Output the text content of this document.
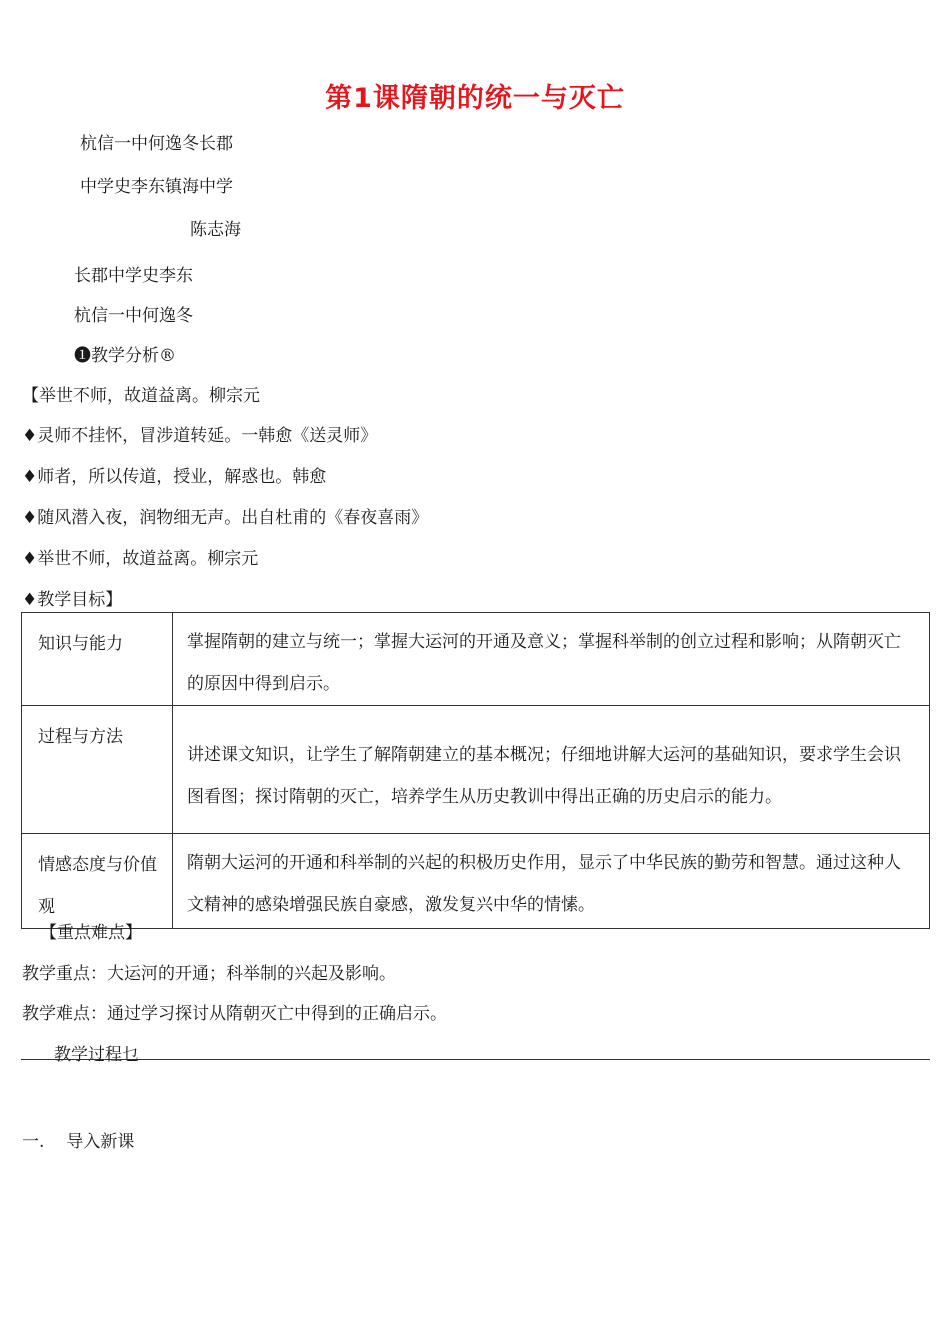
第1课隋朝的统一与灭亡
杭信一中何逸冬长郡
中学史李东镇海中学
陈志海
长郡中学史李东
杭信一中何逸冬
❶教学分析®
【举世不师，故道益离。柳宗元
♦灵师不挂怀，冒涉道转延。一韩愈《送灵师》
♦师者，所以传道，授业，解惑也。韩愈
♦随风潜入夜，润物细无声。出自杜甫的《春夜喜雨》
♦举世不师，故道益离。柳宗元
♦教学目标】
知识与能力	掌握隋朝的建立与统一；掌握大运河的开通及意义；掌握科举制的创立过程和影响；从隋朝灭亡的原因中得到启示。
过程与方法	讲述课文知识，让学生了解隋朝建立的基本概况；仔细地讲解大运河的基础知识，要求学生会识图看图；探讨隋朝的灭亡，培养学生从历史教训中得出正确的历史启示的能力。
情感态度与价值观	隋朝大运河的开通和科举制的兴起的积极历史作用，显示了中华民族的勤劳和智慧。通过这种人文精神的感染增强民族自豪感，激发复兴中华的情愫。
【重点难点】
教学重点：大运河的开通；科举制的兴起及影响。
教学难点：通过学习探讨从隋朝灭亡中得到的正确启示。
教学过程乜
一. 导入新课
